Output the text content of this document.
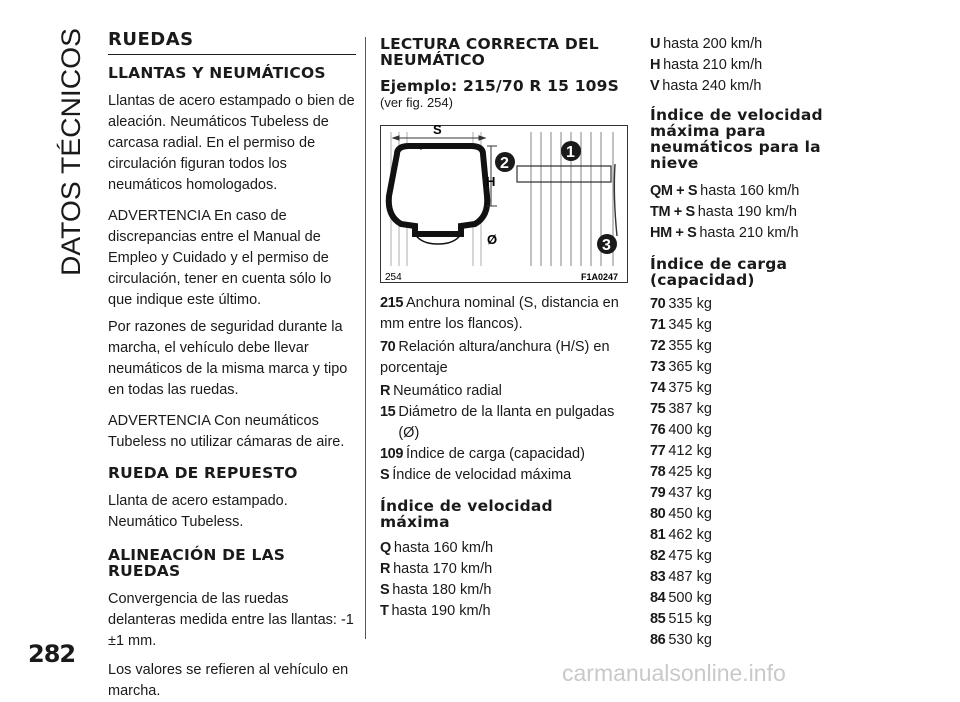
DATOS TÉCNICOS
282
carmanualsonline.info
RUEDAS
LLANTAS Y NEUMÁTICOS

Llantas de acero estampado o bien de aleación. Neumáticos Tubeless de carcasa radial. En el permiso de circulación figuran todos los neumáticos homologados.

ADVERTENCIA En caso de discrepancias entre el Manual de Empleo y Cuidado y el permiso de circulación, tener en cuenta sólo lo que indique este último.

Por razones de seguridad durante la marcha, el vehículo debe llevar neumáticos de la misma marca y tipo en todas las ruedas.

ADVERTENCIA Con neumáticos Tubeless no utilizar cámaras de aire.

RUEDA DE REPUESTO

Llanta de acero estampado. Neumático Tubeless.

ALINEACIÓN DE LAS RUEDAS

Convergencia de las ruedas delanteras medida entre las llantas: -1 ±1 mm.

Los valores se refieren al vehículo en marcha.

LECTURA CORRECTA DEL NEUMÁTICO
Ejemplo: 215/70 R 15 109S (ver fig. 254)
S
H
Ø
1
2
3
254	F1A0247
215 Anchura nominal (S, distancia en mm entre los flancos).
70 Relación altura/anchura (H/S) en porcentaje
R Neumático radial
15 Diámetro de la llanta en pulgadas (Ø)
109 Índice de carga (capacidad)
S Índice de velocidad máxima
Índice de velocidad máxima
Q hasta 160 km/h
R hasta 170 km/h
S hasta 180 km/h
T hasta 190 km/h
U hasta 200 km/h
H hasta 210 km/h
V hasta 240 km/h
Índice de velocidad máxima para neumáticos para la nieve
QM + S hasta 160 km/h
TM + S hasta 190 km/h
HM + S hasta 210 km/h
Índice de carga (capacidad)
70 335 kg
71 345 kg
72 355 kg
73 365 kg
74 375 kg
75 387 kg
76 400 kg
77 412 kg
78 425 kg
79 437 kg
80 450 kg
81 462 kg
82 475 kg
83 487 kg
84 500 kg
85 515 kg
86 530 kg
